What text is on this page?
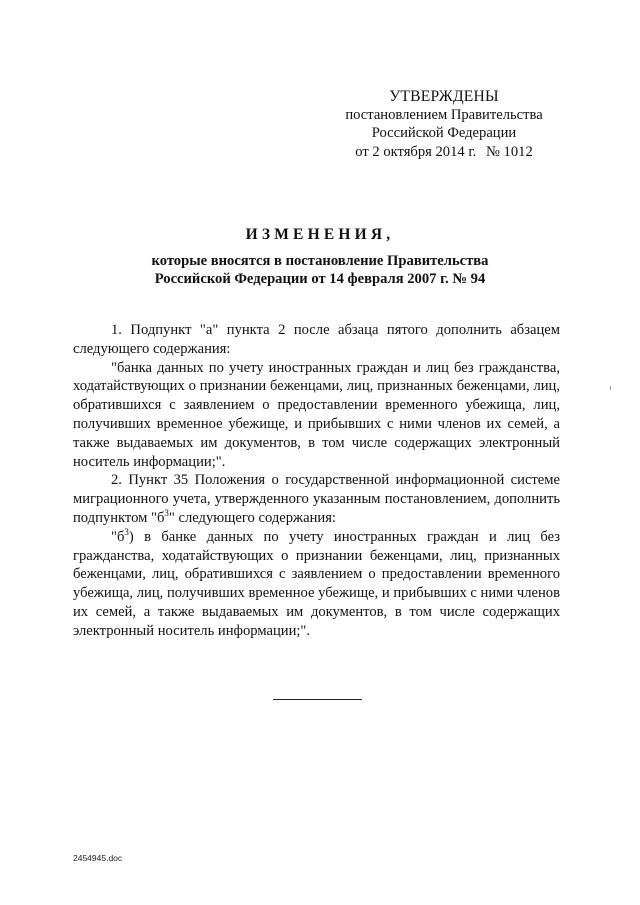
УТВЕРЖДЕНЫ
постановлением Правительства
Российской Федерации
от 2 октября 2014 г. № 1012
ИЗМЕНЕНИЯ,
которые вносятся в постановление Правительства
Российской Федерации от 14 февраля 2007 г. № 94

1. Подпункт "а" пункта 2 после абзаца пятого дополнить абзацем следующего содержания:

"банка данных по учету иностранных граждан и лиц без гражданства, ходатайствующих о признании беженцами, лиц, признанных беженцами, лиц, обратившихся с заявлением о предоставлении временного убежища, лиц, получивших временное убежище, и прибывших с ними членов их семей, а также выдаваемых им документов, в том числе содержащих электронный носитель информации;".

2. Пункт 35 Положения о государственной информационной системе миграционного учета, утвержденного указанным постановлением, дополнить подпунктом "$б^3$" следующего содержания:

"$б^3$) в банке данных по учету иностранных граждан и лиц без гражданства, ходатайствующих о признании беженцами, лиц, признанных беженцами, лиц, обратившихся с заявлением о предоставлении временного убежища, лиц, получивших временное убежище, и прибывших с ними членов их семей, а также выдаваемых им документов, в том числе содержащих электронный носитель информации;".

2454945.doc
